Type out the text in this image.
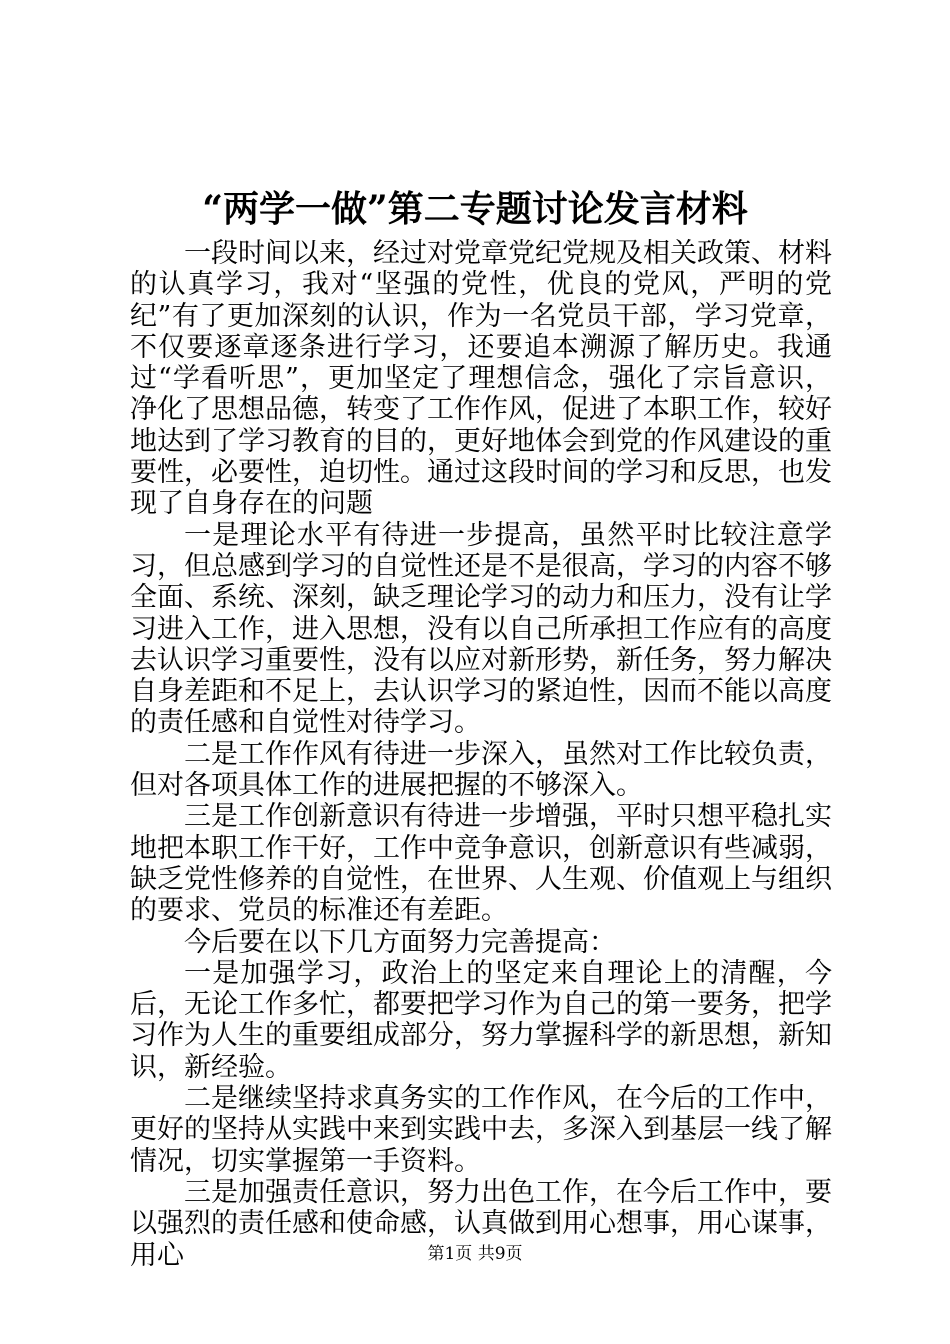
“两学一做”第二专题讨论发言材料

一段时间以来，经过对党章党纪党规及相关政策、材料的认真学习，我对“坚强的党性，优良的党风，严明的党纪”有了更加深刻的认识，作为一名党员干部，学习党章，不仅要逐章逐条进行学习，还要追本溯源了解历史。我通过“学看听思”，更加坚定了理想信念，强化了宗旨意识，净化了思想品德，转变了工作作风，促进了本职工作，较好地达到了学习教育的目的，更好地体会到党的作风建设的重要性，必要性，迫切性。通过这段时间的学习和反思，也发现了自身存在的问题

一是理论水平有待进一步提高，虽然平时比较注意学习，但总感到学习的自觉性还是不是很高，学习的内容不够全面、系统、深刻，缺乏理论学习的动力和压力，没有让学习进入工作，进入思想，没有以自己所承担工作应有的高度去认识学习重要性，没有以应对新形势，新任务，努力解决自身差距和不足上，去认识学习的紧迫性，因而不能以高度的责任感和自觉性对待学习。

二是工作作风有待进一步深入，虽然对工作比较负责，但对各项具体工作的进展把握的不够深入。

三是工作创新意识有待进一步增强，平时只想平稳扎实地把本职工作干好，工作中竞争意识，创新意识有些减弱，缺乏党性修养的自觉性，在世界、人生观、价值观上与组织的要求、党员的标准还有差距。

今后要在以下几方面努力完善提高：

一是加强学习，政治上的坚定来自理论上的清醒，今后，无论工作多忙，都要把学习作为自己的第一要务，把学习作为人生的重要组成部分，努力掌握科学的新思想，新知识，新经验。

二是继续坚持求真务实的工作作风，在今后的工作中，更好的坚持从实践中来到实践中去，多深入到基层一线了解情况，切实掌握第一手资料。

三是加强责任意识，努力出色工作，在今后工作中，要以强烈的责任感和使命感，认真做到用心想事，用心谋事，用心	第1页 共9页
